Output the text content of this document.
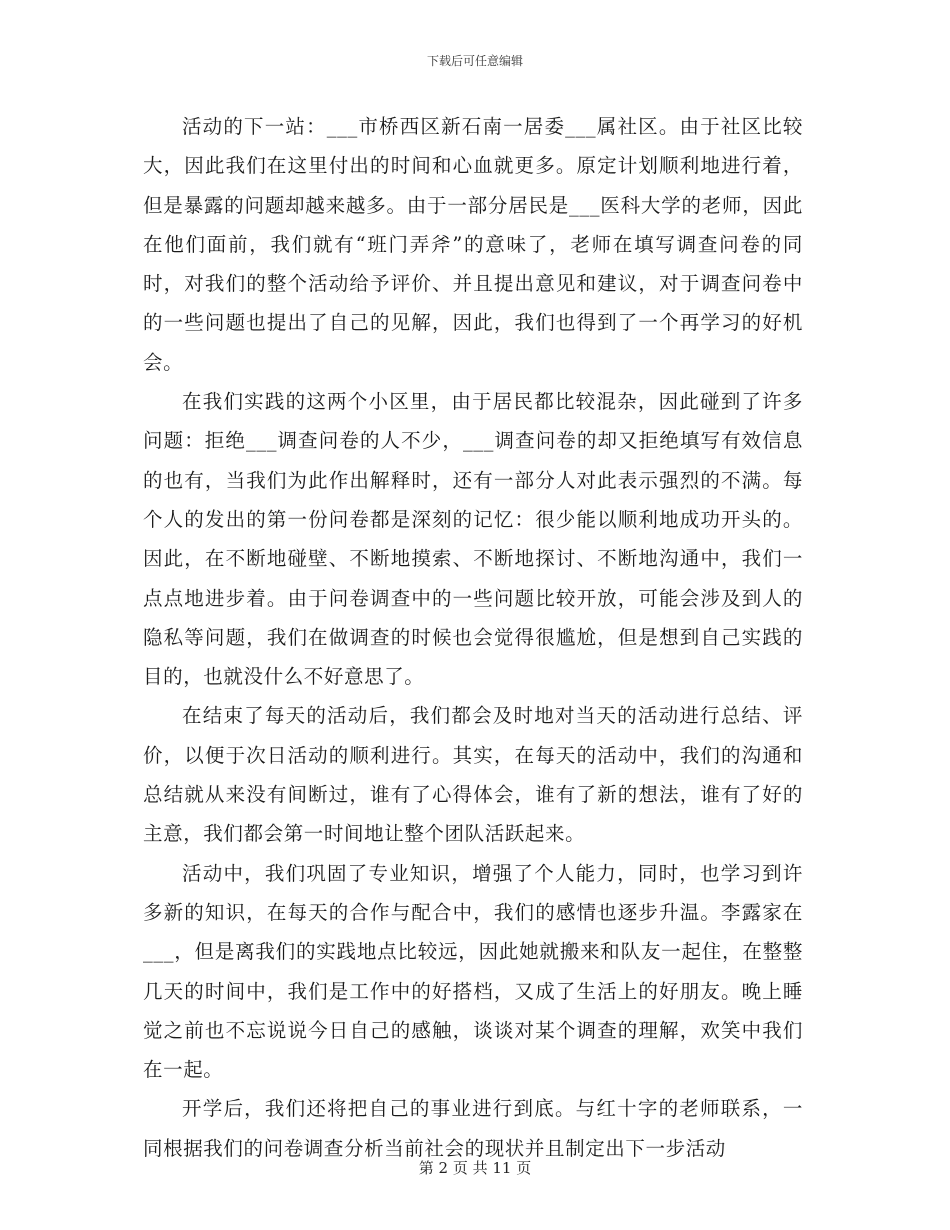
下载后可任意编辑

活动的下一站：___市桥西区新石南一居委___属社区。由于社区比较大，因此我们在这里付出的时间和心血就更多。原定计划顺利地进行着，但是暴露的问题却越来越多。由于一部分居民是___医科大学的老师，因此在他们面前，我们就有“班门弄斧”的意味了，老师在填写调查问卷的同时，对我们的整个活动给予评价、并且提出意见和建议，对于调查问卷中的一些问题也提出了自己的见解，因此，我们也得到了一个再学习的好机会。

在我们实践的这两个小区里，由于居民都比较混杂，因此碰到了许多问题：拒绝___调查问卷的人不少，___调查问卷的却又拒绝填写有效信息的也有，当我们为此作出解释时，还有一部分人对此表示强烈的不满。每个人的发出的第一份问卷都是深刻的记忆：很少能以顺利地成功开头的。因此，在不断地碰壁、不断地摸索、不断地探讨、不断地沟通中，我们一点点地进步着。由于问卷调查中的一些问题比较开放，可能会涉及到人的隐私等问题，我们在做调查的时候也会觉得很尴尬，但是想到自己实践的目的，也就没什么不好意思了。

在结束了每天的活动后，我们都会及时地对当天的活动进行总结、评价，以便于次日活动的顺利进行。其实，在每天的活动中，我们的沟通和总结就从来没有间断过，谁有了心得体会，谁有了新的想法，谁有了好的主意，我们都会第一时间地让整个团队活跃起来。

活动中，我们巩固了专业知识，增强了个人能力，同时，也学习到许多新的知识，在每天的合作与配合中，我们的感情也逐步升温。李露家在___，但是离我们的实践地点比较远，因此她就搬来和队友一起住，在整整几天的时间中，我们是工作中的好搭档，又成了生活上的好朋友。晚上睡觉之前也不忘说说今日自己的感触，谈谈对某个调查的理解，欢笑中我们在一起。

开学后，我们还将把自己的事业进行到底。与红十字的老师联系，一同根据我们的问卷调查分析当前社会的现状并且制定出下一步活动

第 2 页 共 11 页
